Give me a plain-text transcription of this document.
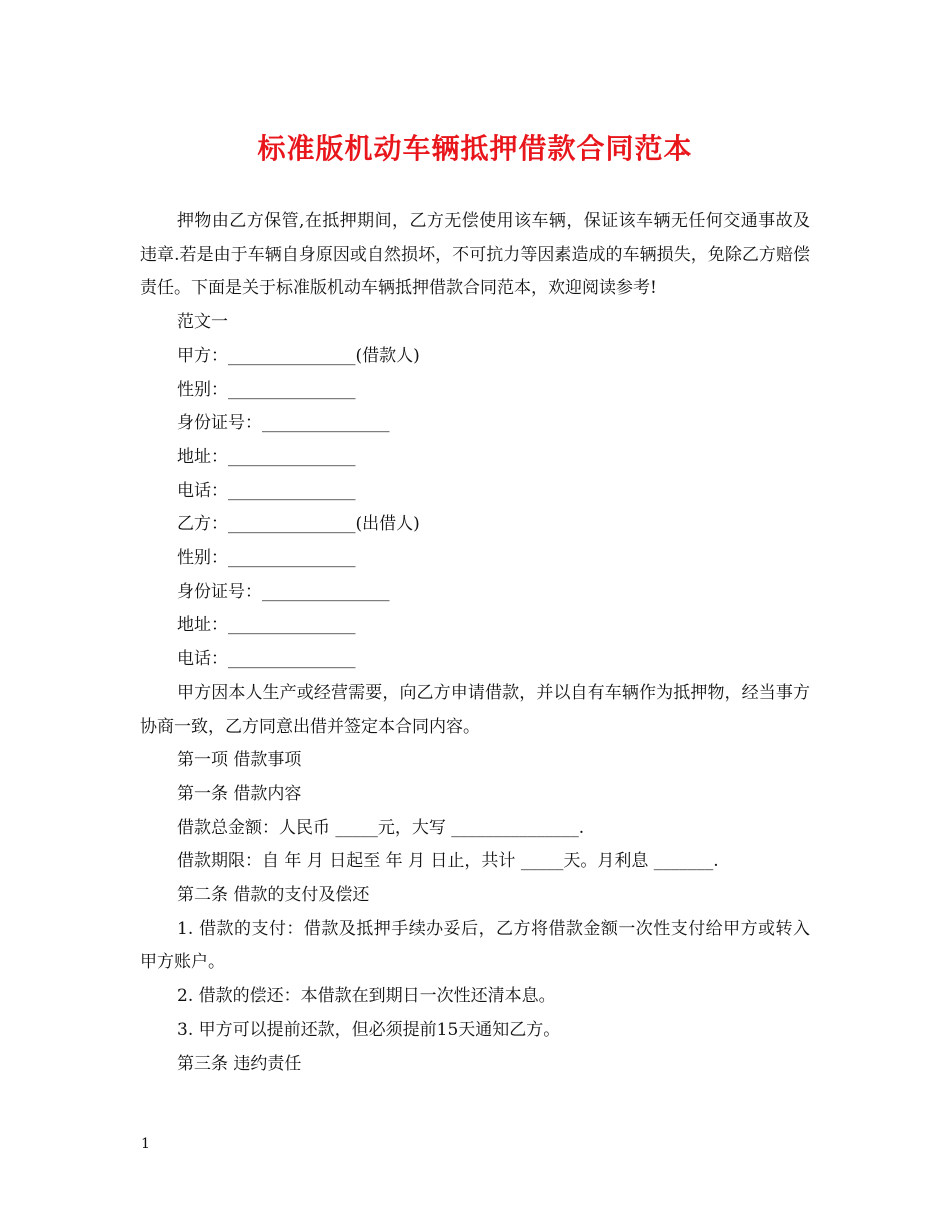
标准版机动车辆抵押借款合同范本

押物由乙方保管,在抵押期间，乙方无偿使用该车辆，保证该车辆无任何交通事故及违章.若是由于车辆自身原因或自然损坏，不可抗力等因素造成的车辆损失，免除乙方赔偿责任。下面是关于标准版机动车辆抵押借款合同范本，欢迎阅读参考!

范文一

甲方：_______________(借款人)

性别：_______________

身份证号：_______________

地址：_______________

电话：_______________

乙方：_______________(出借人)

性别：_______________

身份证号：_______________

地址：_______________

电话：_______________

甲方因本人生产或经营需要，向乙方申请借款，并以自有车辆作为抵押物，经当事方协商一致，乙方同意出借并签定本合同内容。

第一项 借款事项

第一条 借款内容

借款总金额：人民币 _____元，大写 _______________.

借款期限：自 年 月 日起至 年 月 日止，共计 _____天。月利息 _______.

第二条 借款的支付及偿还

1. 借款的支付：借款及抵押手续办妥后，乙方将借款金额一次性支付给甲方或转入甲方账户。

2. 借款的偿还：本借款在到期日一次性还清本息。

3. 甲方可以提前还款，但必须提前15天通知乙方。

第三条 违约责任

1
